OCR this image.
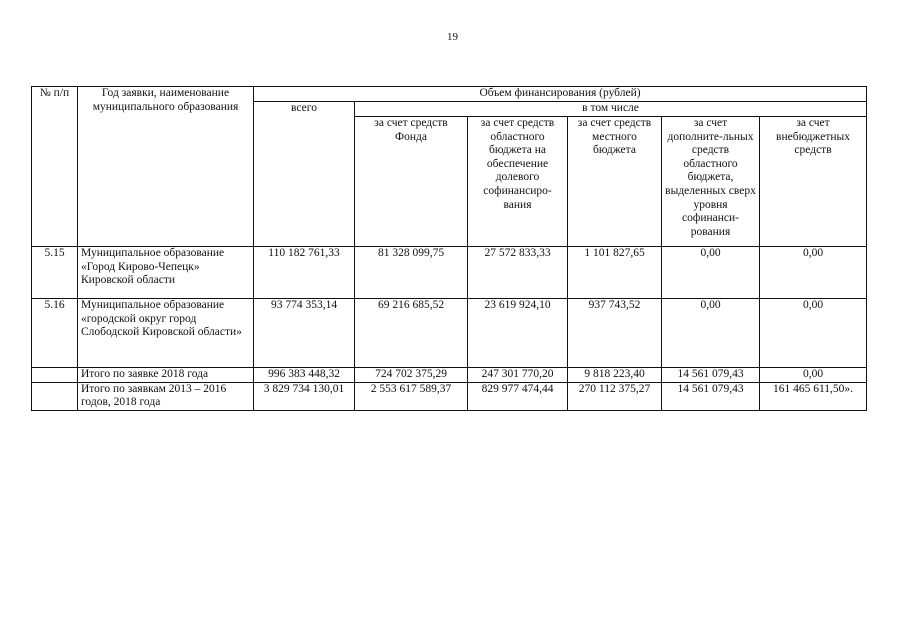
19
№ п/п	Год заявки, наименование муниципального образования	Объем финансирования (рублей)					
		всего	в том числе				
			за счет средств Фонда	за счет средств областного бюджета на обеспечение долевого софинансиро-вания	за счет средств местного бюджета	за счет дополните-льных средств областного бюджета, выделенных сверх уровня софинанси-рования	за счет внебюджетных средств
5.15	Муниципальное образование «Город Кирово-Чепецк» Кировской области	110 182 761,33	81 328 099,75	27 572 833,33	1 101 827,65	0,00	0,00
5.16	Муниципальное образование «городской округ город Слободской Кировской области»	93 774 353,14	69 216 685,52	23 619 924,10	937 743,52	0,00	0,00
	Итого по заявке 2018 года	996 383 448,32	724 702 375,29	247 301 770,20	9 818 223,40	14 561 079,43	0,00
	Итого по заявкам 2013 – 2016 годов, 2018 года	3 829 734 130,01	2 553 617 589,37	829 977 474,44	270 112 375,27	14 561 079,43	161 465 611,50».
